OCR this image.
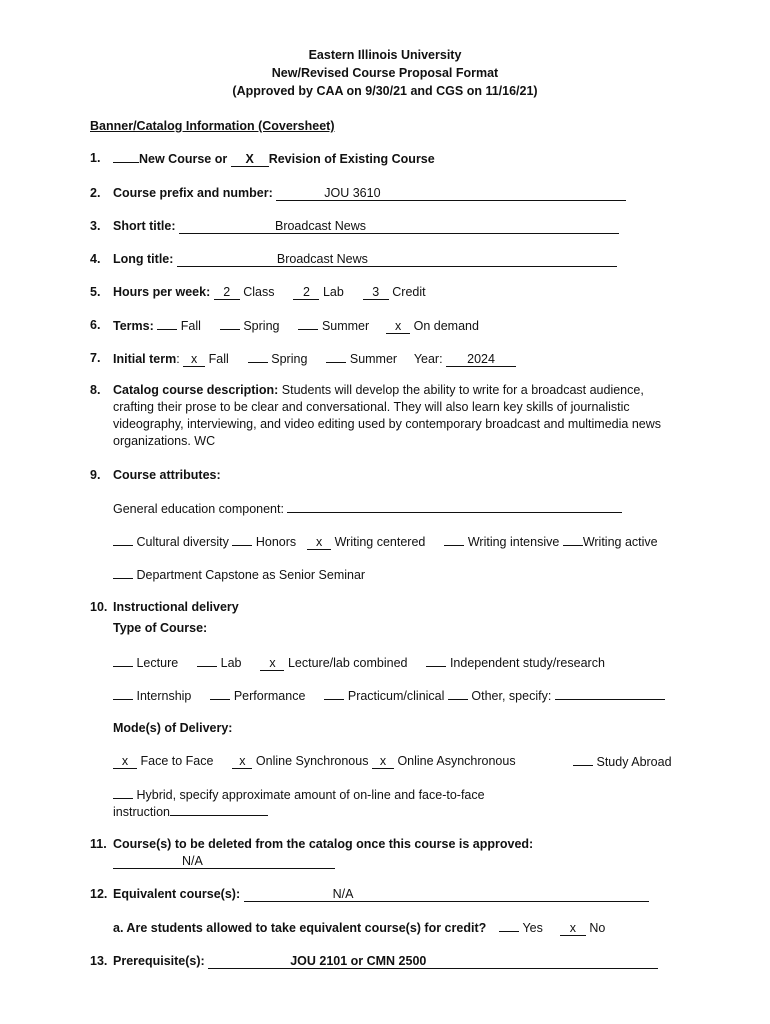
Eastern Illinois University
New/Revised Course Proposal Format
(Approved by CAA on 9/30/21 and CGS on 11/16/21)
Banner/Catalog Information (Coversheet)
1.	New Course or X Revision of Existing Course
2. Course prefix and number:	JOU 3610
3. Short title:	Broadcast News
4. Long title:	Broadcast News
5. Hours per week: 2 Class 2 Lab 3 Credit
6. Terms: Fall	Spring	Summer x On demand
7. Initial term: x Fall	Spring	Summer Year: 2024
8. Catalog course description: Students will develop the ability to write for a broadcast audience, crafting their prose to be clear and conversational. They will also learn key skills of journalistic videography, interviewing, and video editing used by contemporary broadcast and multimedia news organizations. WC
9. Course attributes:
General education component:
Cultural diversity Honors x Writing centered	Writing intensive Writing active
Department Capstone as Senior Seminar
10. Instructional delivery
Type of Course:
Lecture	Lab x Lecture/lab combined	Independent study/research
Internship	Performance	Practicum/clinical Other, specify:
Mode(s) of Delivery:
x Face to Face x Online Synchronous x Online Asynchronous	Study Abroad
Hybrid, specify approximate amount of on-line and face-to-face
instruction
11. Course(s) to be deleted from the catalog once this course is approved:
N/A
12. Equivalent course(s):	N/A
a. Are students allowed to take equivalent course(s) for credit?	Yes x No
13. Prerequisite(s):	JOU 2101 or CMN 2500
